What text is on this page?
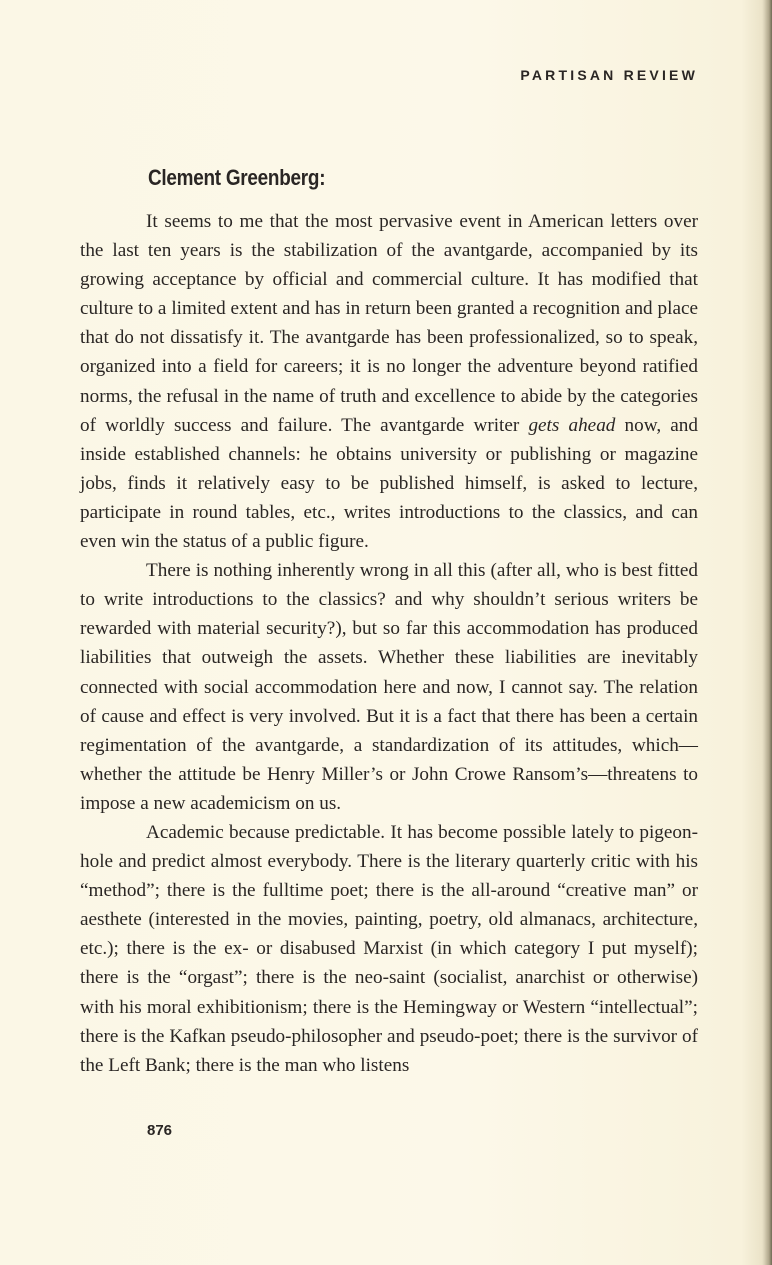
PARTISAN REVIEW
Clement Greenberg:

It seems to me that the most pervasive event in American letters over the last ten years is the stabilization of the avantgarde, accompanied by its growing acceptance by official and commercial culture. It has modified that culture to a limited extent and has in return been granted a recognition and place that do not dissatisfy it. The avantgarde has been professionalized, so to speak, organized into a field for careers; it is no longer the adventure beyond ratified norms, the refusal in the name of truth and excellence to abide by the categories of worldly success and failure. The avantgarde writer gets ahead now, and inside established channels: he obtains university or publishing or magazine jobs, finds it relatively easy to be published himself, is asked to lecture, participate in round tables, etc., writes introductions to the classics, and can even win the status of a public figure.

There is nothing inherently wrong in all this (after all, who is best fitted to write introductions to the classics? and why shouldn’t serious writers be rewarded with material security?), but so far this accommodation has produced liabilities that outweigh the assets. Whether these liabilities are inevitably connected with social accommodation here and now, I cannot say. The relation of cause and effect is very involved. But it is a fact that there has been a certain regimentation of the avantgarde, a standardization of its attitudes, which—whether the attitude be Henry Miller’s or John Crowe Ransom’s—threatens to impose a new academicism on us.

Academic because predictable. It has become possible lately to pigeon-hole and predict almost everybody. There is the literary quarterly critic with his “method”; there is the fulltime poet; there is the all-around “creative man” or aesthete (interested in the movies, painting, poetry, old almanacs, architecture, etc.); there is the ex- or disabused Marxist (in which category I put myself); there is the “orgast”; there is the neo-saint (socialist, anarchist or otherwise) with his moral exhibitionism; there is the Hemingway or Western “intellectual”; there is the Kafkan pseudo-philosopher and pseudo-poet; there is the survivor of the Left Bank; there is the man who listens

876
